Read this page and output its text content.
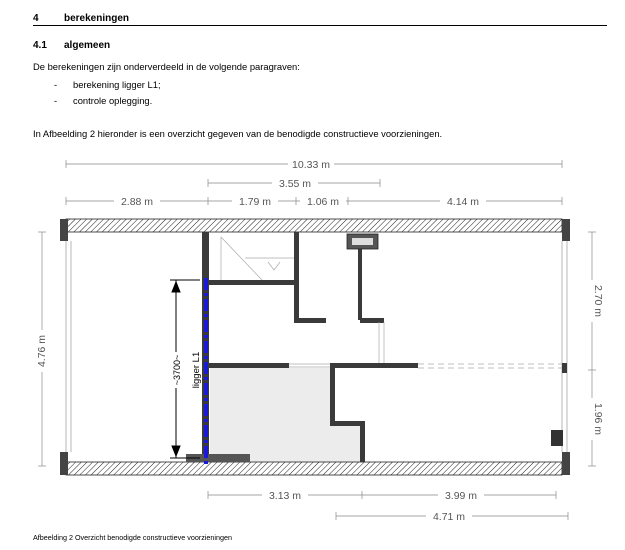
4	berekeningen
4.1 algemeen
De berekeningen zijn onderverdeeld in de volgende paragraven:
- berekening ligger L1;
- controle oplegging.
In Afbeelding 2 hieronder is een overzicht gegeven van de benodigde constructieve voorzieningen.
10.33 m
3.55 m
2.88 m	1.79 m	1.06 m	4.14 m
3.13 m	3.99 m
4.71 m
4.76 m
2.70 m
1.96 m
~3700~ ligger L1
Afbeelding 2 Overzicht benodigde constructieve voorzieningen
